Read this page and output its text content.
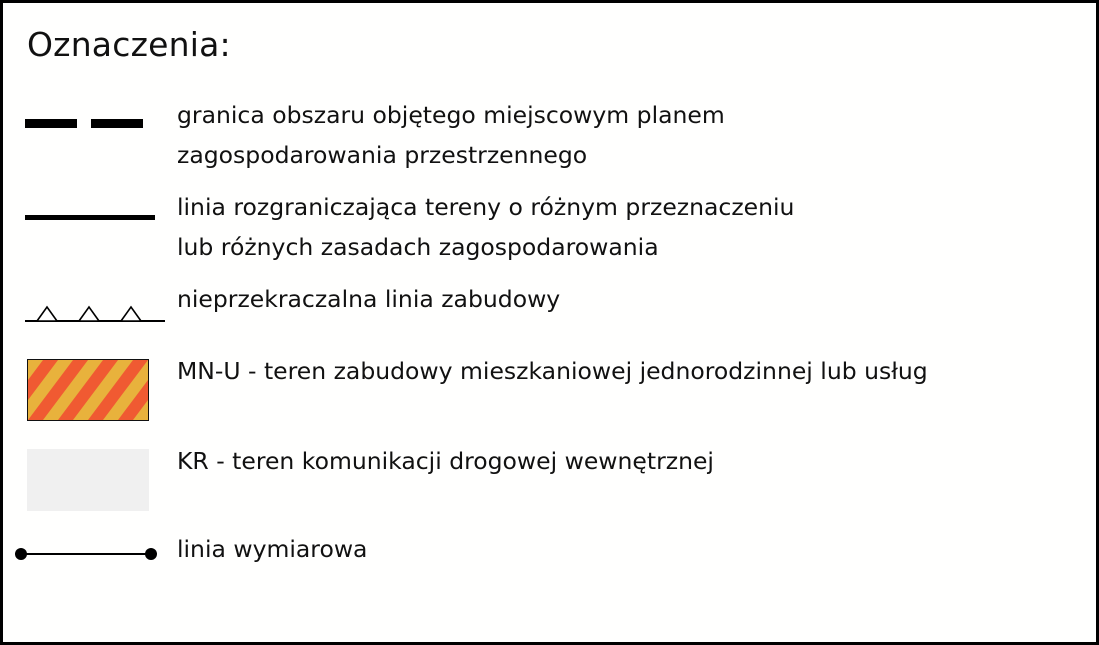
Oznaczenia:
granica obszaru objętego miejscowym planem
zagospodarowania przestrzennego
linia rozgraniczająca tereny o różnym przeznaczeniu
lub różnych zasadach zagospodarowania
nieprzekraczalna linia zabudowy
MN-U - teren zabudowy mieszkaniowej jednorodzinnej lub usług
KR - teren komunikacji drogowej wewnętrznej
linia wymiarowa
